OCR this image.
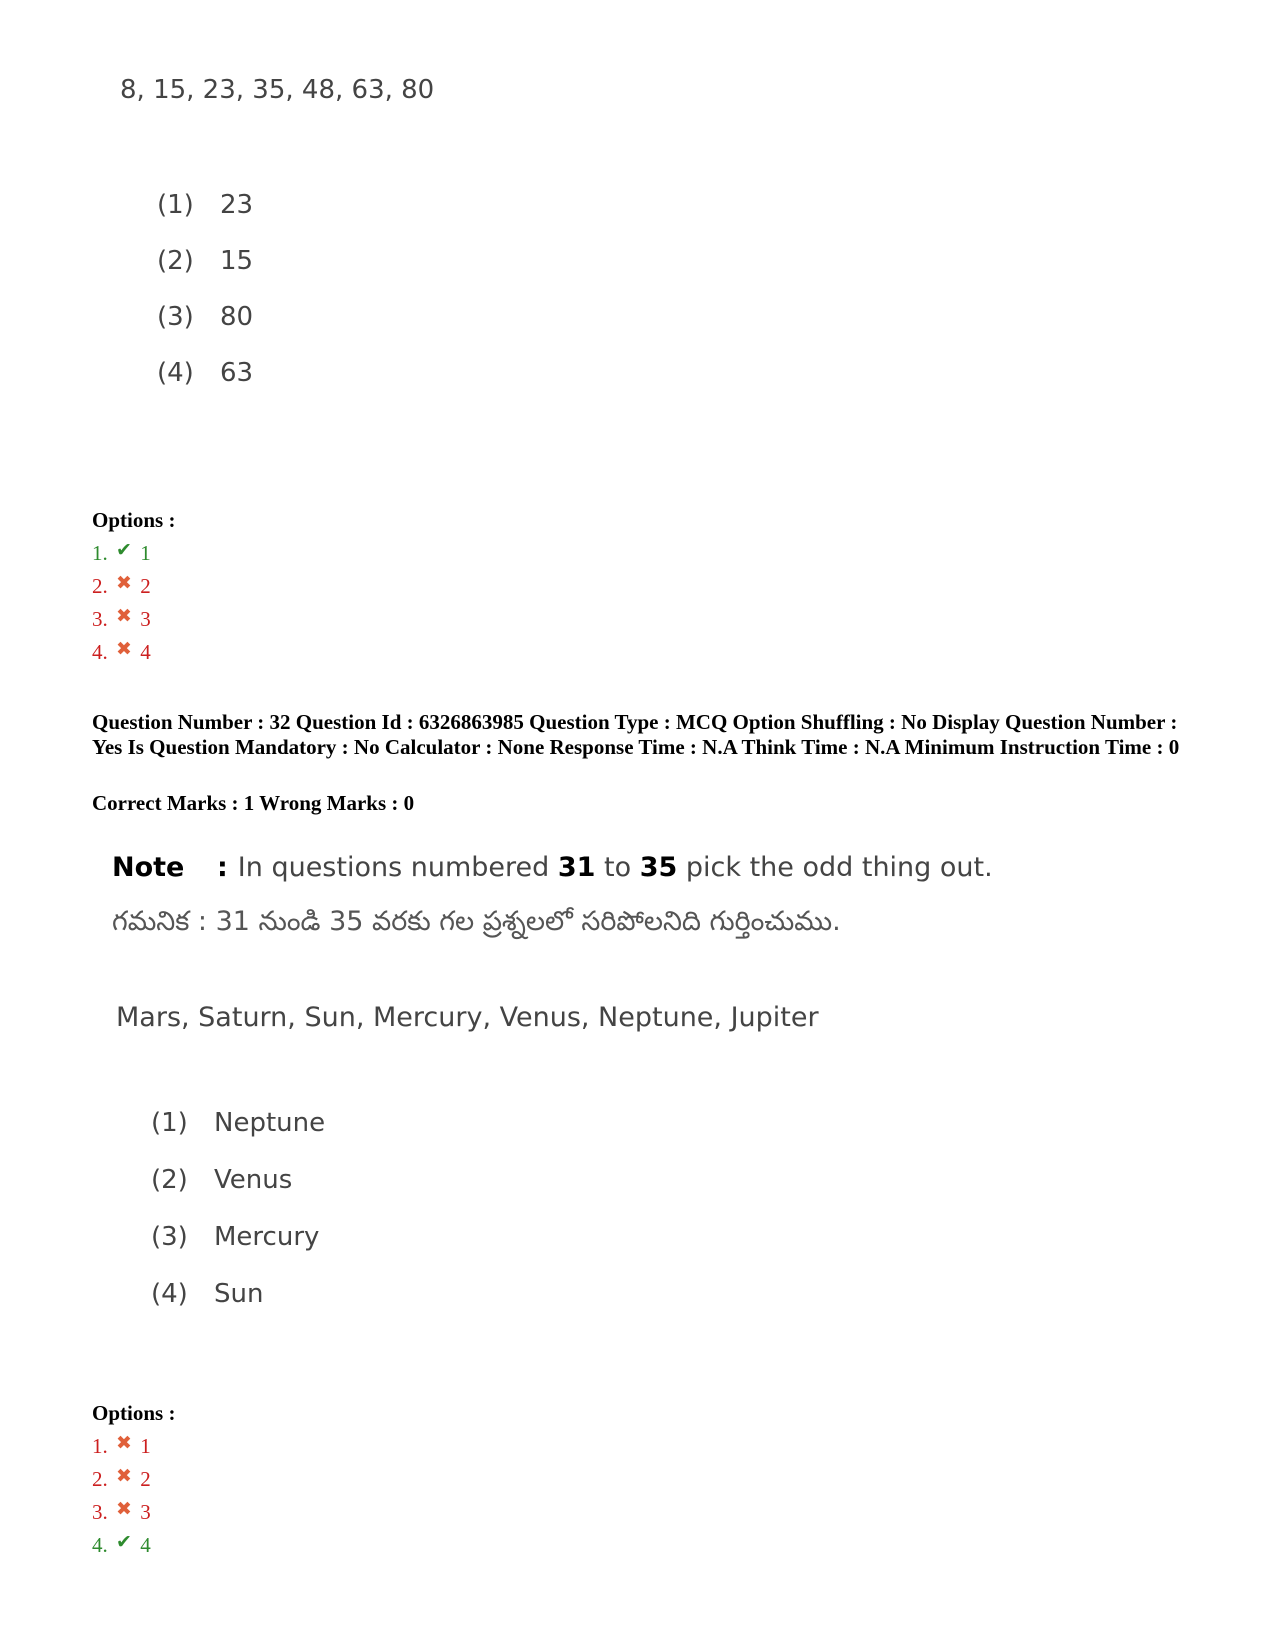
8, 15, 23, 35, 48, 63, 80
(1) 23
(2) 15
(3) 80
(4) 63
Options :
1. ✔ 1
2. ✖ 2
3. ✖ 3
4. ✖ 4
Question Number : 32 Question Id : 6326863985 Question Type : MCQ Option Shuffling : No Display Question Number : Yes Is Question Mandatory : No Calculator : None Response Time : N.A Think Time : N.A Minimum Instruction Time : 0
Correct Marks : 1 Wrong Marks : 0
Note : In questions numbered 31 to 35 pick the odd thing out.
గమనిక : 31 నుండి 35 వరకు గల ప్రశ్నలలో సరిపోలనిది గుర్తించుము.
Mars, Saturn, Sun, Mercury, Venus, Neptune, Jupiter
(1) Neptune
(2) Venus
(3) Mercury
(4) Sun
Options :
1. ✖ 1
2. ✖ 2
3. ✖ 3
4. ✔ 4
